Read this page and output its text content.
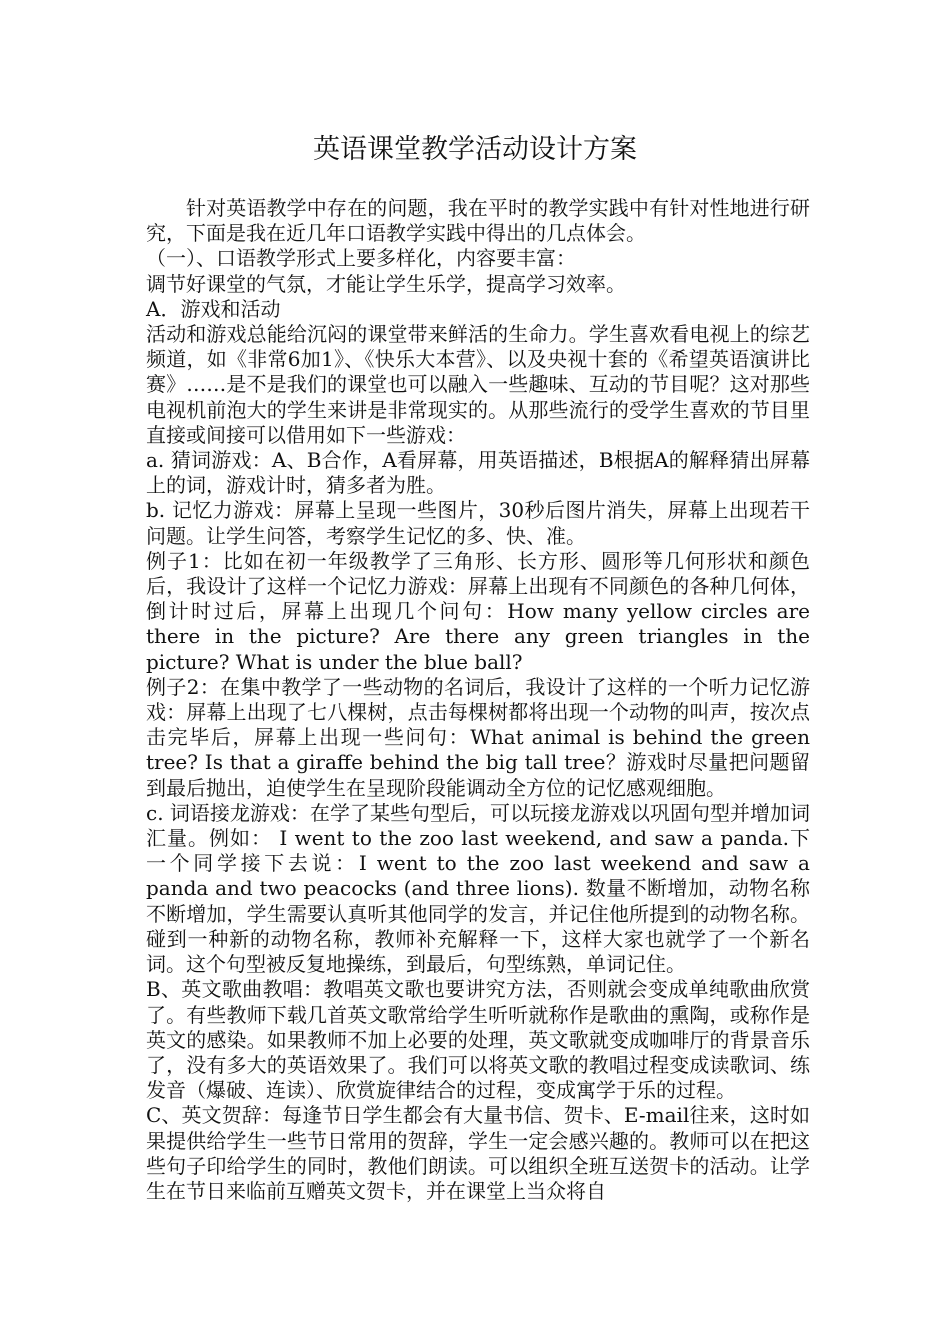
英语课堂教学活动设计方案

针对英语教学中存在的问题，我在平时的教学实践中有针对性地进行研究，下面是我在近几年口语教学实践中得出的几点体会。

（一）、口语教学形式上要多样化，内容要丰富：

调节好课堂的气氛，才能让学生乐学，提高学习效率。

A．游戏和活动

活动和游戏总能给沉闷的课堂带来鲜活的生命力。学生喜欢看电视上的综艺频道，如《非常6加1》、《快乐大本营》、以及央视十套的《希望英语演讲比赛》……是不是我们的课堂也可以融入一些趣味、互动的节目呢？这对那些电视机前泡大的学生来讲是非常现实的。从那些流行的受学生喜欢的节目里直接或间接可以借用如下一些游戏：

a. 猜词游戏：A、B合作，A看屏幕，用英语描述，B根据A的解释猜出屏幕上的词，游戏计时，猜多者为胜。

b. 记忆力游戏：屏幕上呈现一些图片，30秒后图片消失，屏幕上出现若干问题。让学生问答，考察学生记忆的多、快、准。

例子1：比如在初一年级教学了三角形、长方形、圆形等几何形状和颜色后，我设计了这样一个记忆力游戏：屏幕上出现有不同颜色的各种几何体，倒计时过后，屏幕上出现几个问句：How many yellow circles are there in the picture? Are there any green triangles in the picture? What is under the blue ball?

例子2：在集中教学了一些动物的名词后，我设计了这样的一个听力记忆游戏：屏幕上出现了七八棵树，点击每棵树都将出现一个动物的叫声，按次点击完毕后，屏幕上出现一些问句：What animal is behind the green tree? Is that a giraffe behind the big tall tree？游戏时尽量把问题留到最后抛出，迫使学生在呈现阶段能调动全方位的记忆感观细胞。

c. 词语接龙游戏：在学了某些句型后，可以玩接龙游戏以巩固句型并增加词汇量。例如： I went to the zoo last weekend, and saw a panda.下一个同学接下去说：I went to the zoo last weekend and saw a panda and two peacocks (and three lions). 数量不断增加，动物名称不断增加，学生需要认真听其他同学的发言，并记住他所提到的动物名称。碰到一种新的动物名称，教师补充解释一下，这样大家也就学了一个新名词。这个句型被反复地操练，到最后，句型练熟，单词记住。

B、英文歌曲教唱：教唱英文歌也要讲究方法，否则就会变成单纯歌曲欣赏了。有些教师下载几首英文歌常给学生听听就称作是歌曲的熏陶，或称作是英文的感染。如果教师不加上必要的处理，英文歌就变成咖啡厅的背景音乐了，没有多大的英语效果了。我们可以将英文歌的教唱过程变成读歌词、练发音（爆破、连读）、欣赏旋律结合的过程，变成寓学于乐的过程。

C、英文贺辞：每逢节日学生都会有大量书信、贺卡、E-mail往来，这时如果提供给学生一些节日常用的贺辞，学生一定会感兴趣的。教师可以在把这些句子印给学生的同时，教他们朗读。可以组织全班互送贺卡的活动。让学生在节日来临前互赠英文贺卡，并在课堂上当众将自
